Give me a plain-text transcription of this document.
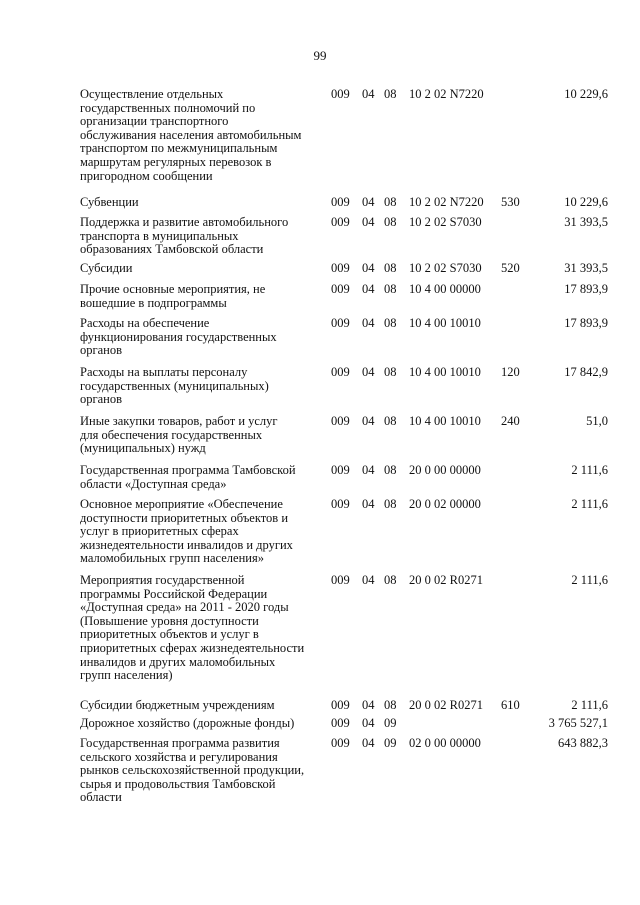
99
Осуществление отдельных
государственных полномочий по
организации транспортного
обслуживания населения автомобильным
транспортом по межмуниципальным
маршрутам регулярных перевозок в
пригородном сообщении
009 04 08 10 2 02 N7220	10 229,6
Субвенции	009 04 08 10 2 02 N7220 530	10 229,6
Поддержка и развитие автомобильного
транспорта в муниципальных
образованиях Тамбовской области
009 04 08 10 2 02 S7030	31 393,5
Субсидии	009 04 08 10 2 02 S7030 520	31 393,5
Прочие основные мероприятия, не
вошедшие в подпрограммы
009 04 08 10 4 00 00000	17 893,9
Расходы на обеспечение
функционирования государственных
органов
009 04 08 10 4 00 10010	17 893,9
Расходы на выплаты персоналу
государственных (муниципальных)
органов
009 04 08 10 4 00 10010 120	17 842,9
Иные закупки товаров, работ и услуг
для обеспечения государственных
(муниципальных) нужд
009 04 08 10 4 00 10010 240	51,0
Государственная программа Тамбовской
области «Доступная среда»
009 04 08 20 0 00 00000	2 111,6
Основное мероприятие «Обеспечение
доступности приоритетных объектов и
услуг в приоритетных сферах
жизнедеятельности инвалидов и других
маломобильных групп населения»
009 04 08 20 0 02 00000	2 111,6
Мероприятия государственной
программы Российской Федерации
«Доступная среда» на 2011 - 2020 годы
(Повышение уровня доступности
приоритетных объектов и услуг в
приоритетных сферах жизнедеятельности
инвалидов и других маломобильных
групп населения)
009 04 08 20 0 02 R0271	2 111,6
Субсидии бюджетным учреждениям	009 04 08 20 0 02 R0271 610	2 111,6
Дорожное хозяйство (дорожные фонды)	009 04 09	3 765 527,1
Государственная программа развития
сельского хозяйства и регулирования
рынков сельскохозяйственной продукции,
сырья и продовольствия Тамбовской
области
009 04 09 02 0 00 00000	643 882,3
